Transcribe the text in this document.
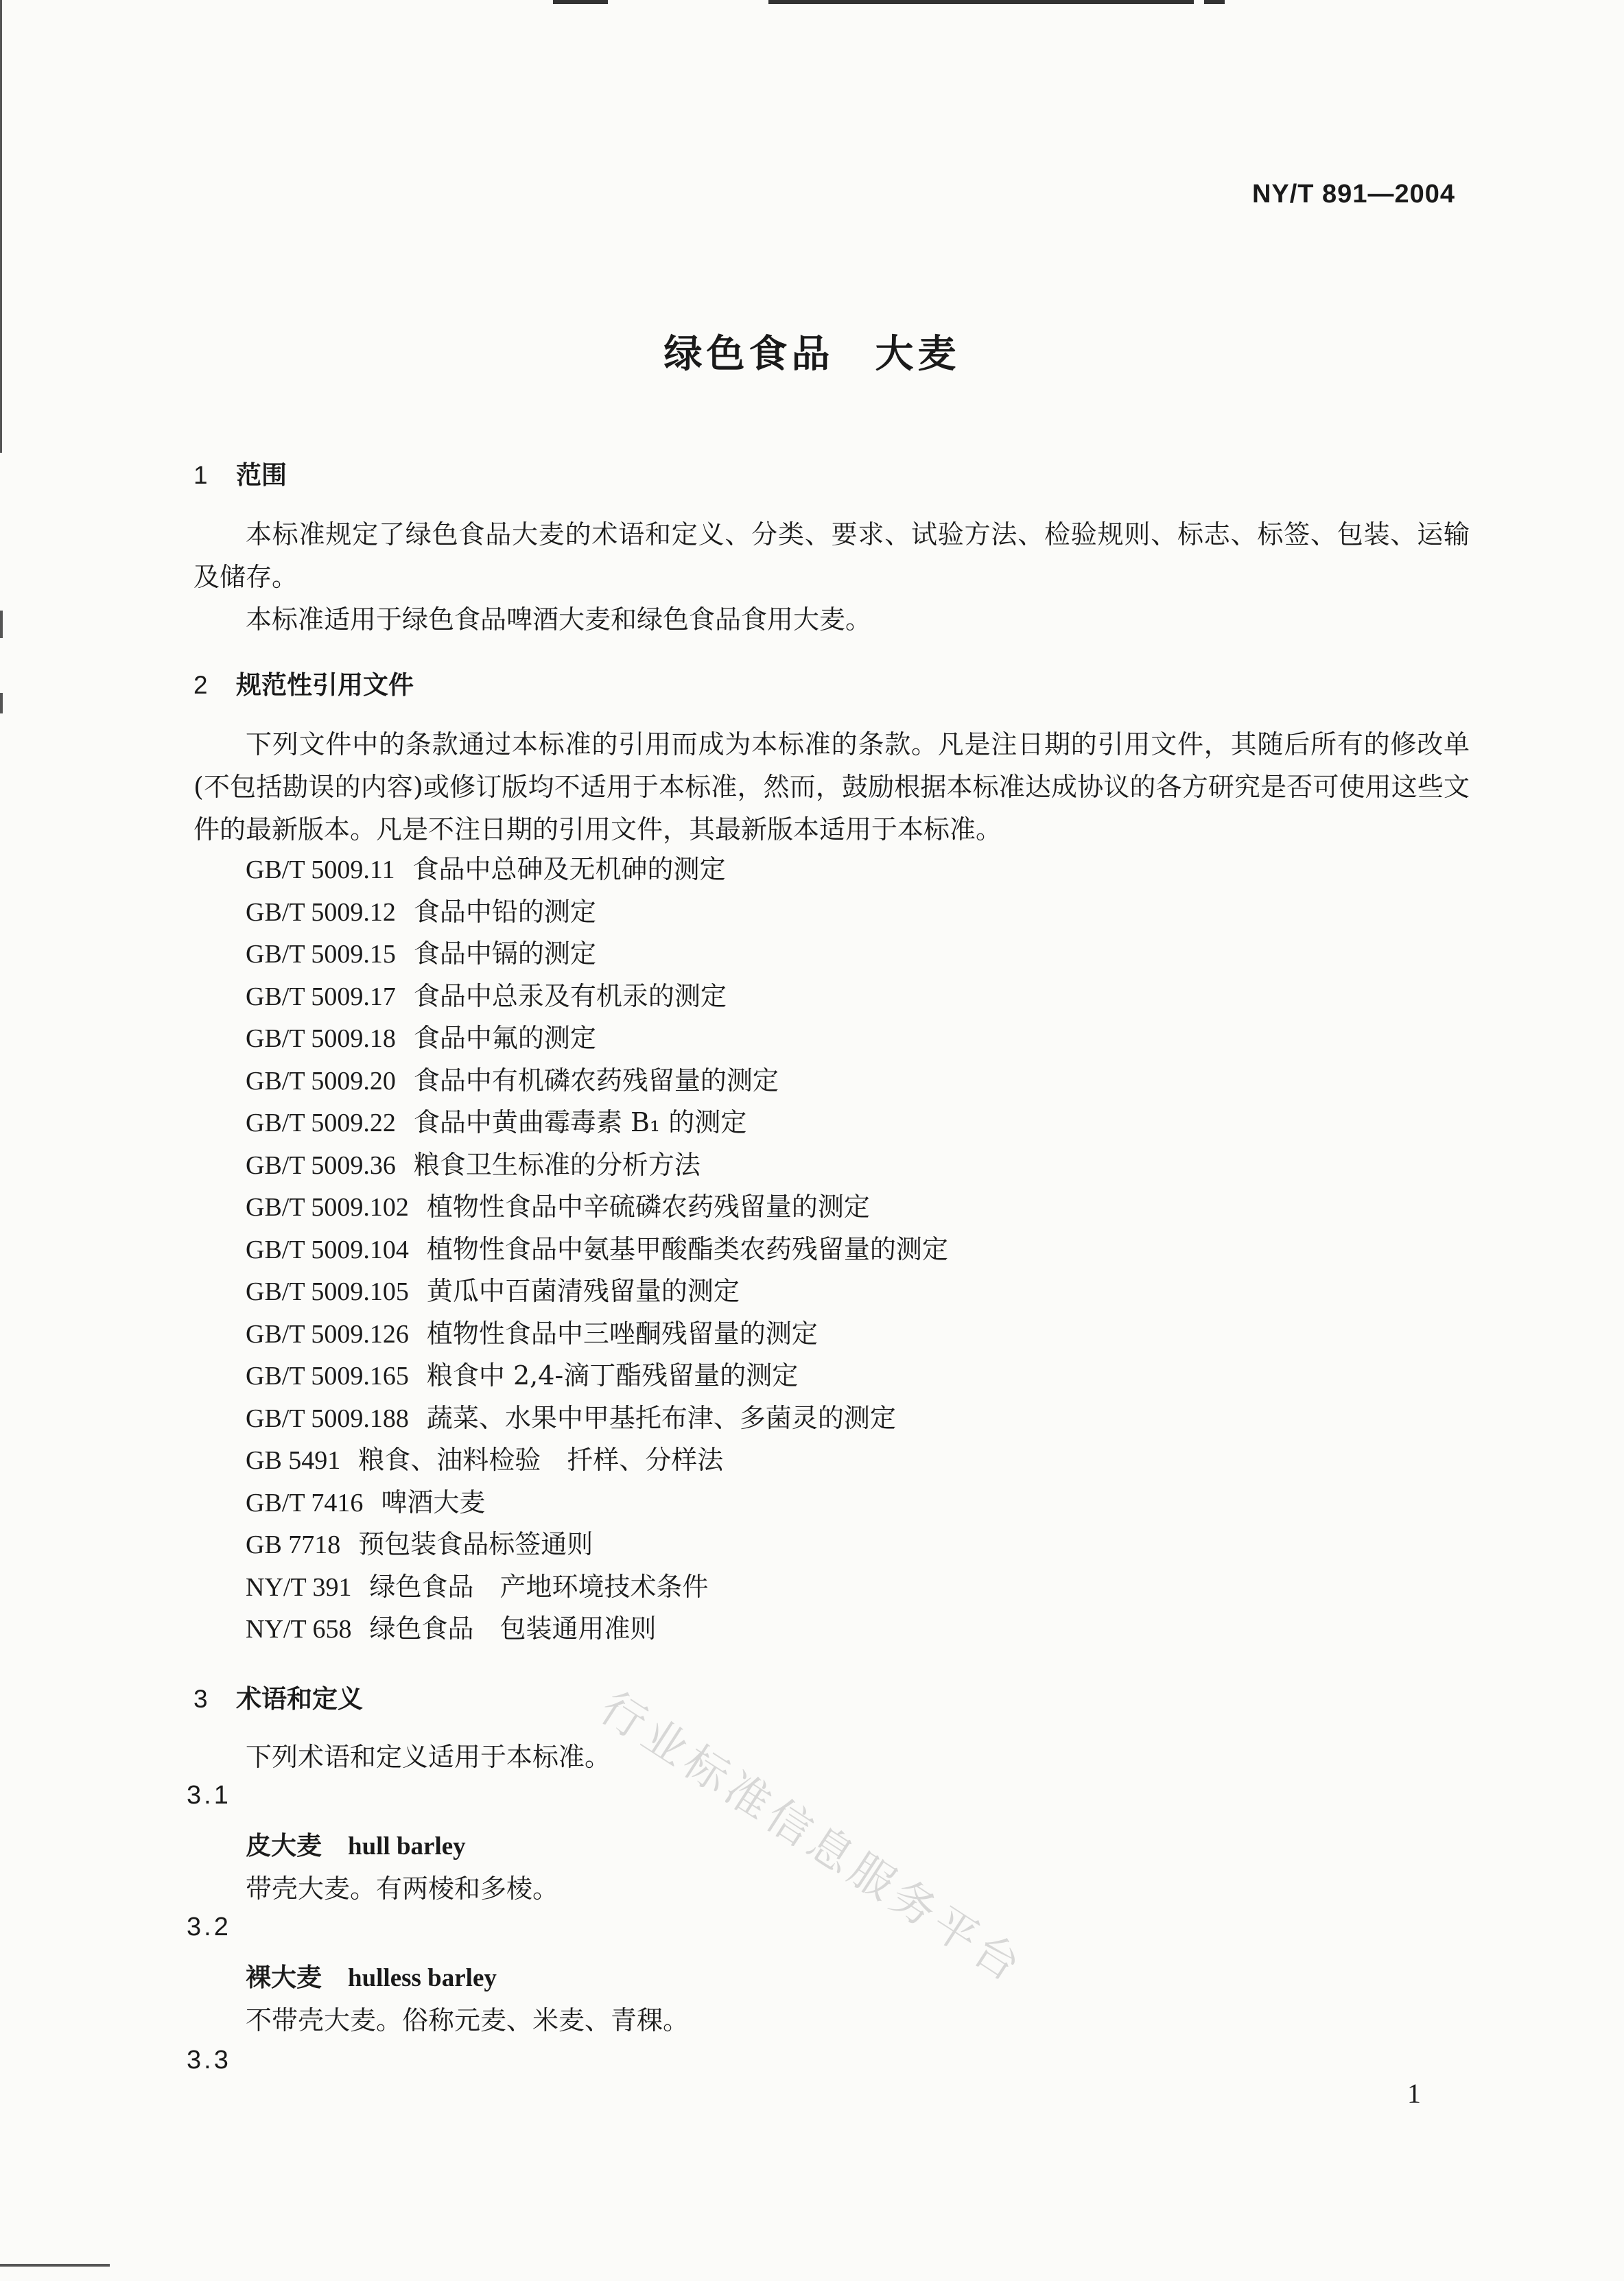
NY/T 891—2004
绿色食品 大麦
1 范围
本标准规定了绿色食品大麦的术语和定义、分类、要求、试验方法、检验规则、标志、标签、包装、运输及储存。
本标准适用于绿色食品啤酒大麦和绿色食品食用大麦。
2 规范性引用文件
下列文件中的条款通过本标准的引用而成为本标准的条款。凡是注日期的引用文件，其随后所有的修改单(不包括勘误的内容)或修订版均不适用于本标准，然而，鼓励根据本标准达成协议的各方研究是否可使用这些文件的最新版本。凡是不注日期的引用文件，其最新版本适用于本标准。
GB/T 5009.11 食品中总砷及无机砷的测定
GB/T 5009.12 食品中铅的测定
GB/T 5009.15 食品中镉的测定
GB/T 5009.17 食品中总汞及有机汞的测定
GB/T 5009.18 食品中氟的测定
GB/T 5009.20 食品中有机磷农药残留量的测定
GB/T 5009.22 食品中黄曲霉毒素 B₁ 的测定
GB/T 5009.36 粮食卫生标准的分析方法
GB/T 5009.102 植物性食品中辛硫磷农药残留量的测定
GB/T 5009.104 植物性食品中氨基甲酸酯类农药残留量的测定
GB/T 5009.105 黄瓜中百菌清残留量的测定
GB/T 5009.126 植物性食品中三唑酮残留量的测定
GB/T 5009.165 粮食中 2,4-滴丁酯残留量的测定
GB/T 5009.188 蔬菜、水果中甲基托布津、多菌灵的测定
GB 5491 粮食、油料检验　扦样、分样法
GB/T 7416 啤酒大麦
GB 7718 预包装食品标签通则
NY/T 391 绿色食品　产地环境技术条件
NY/T 658 绿色食品　包装通用准则
3 术语和定义
下列术语和定义适用于本标准。
3.1
皮大麦 hull barley
带壳大麦。有两棱和多棱。
3.2
裸大麦 hulless barley
不带壳大麦。俗称元麦、米麦、青稞。
3.3
行业标准信息服务平台
1
